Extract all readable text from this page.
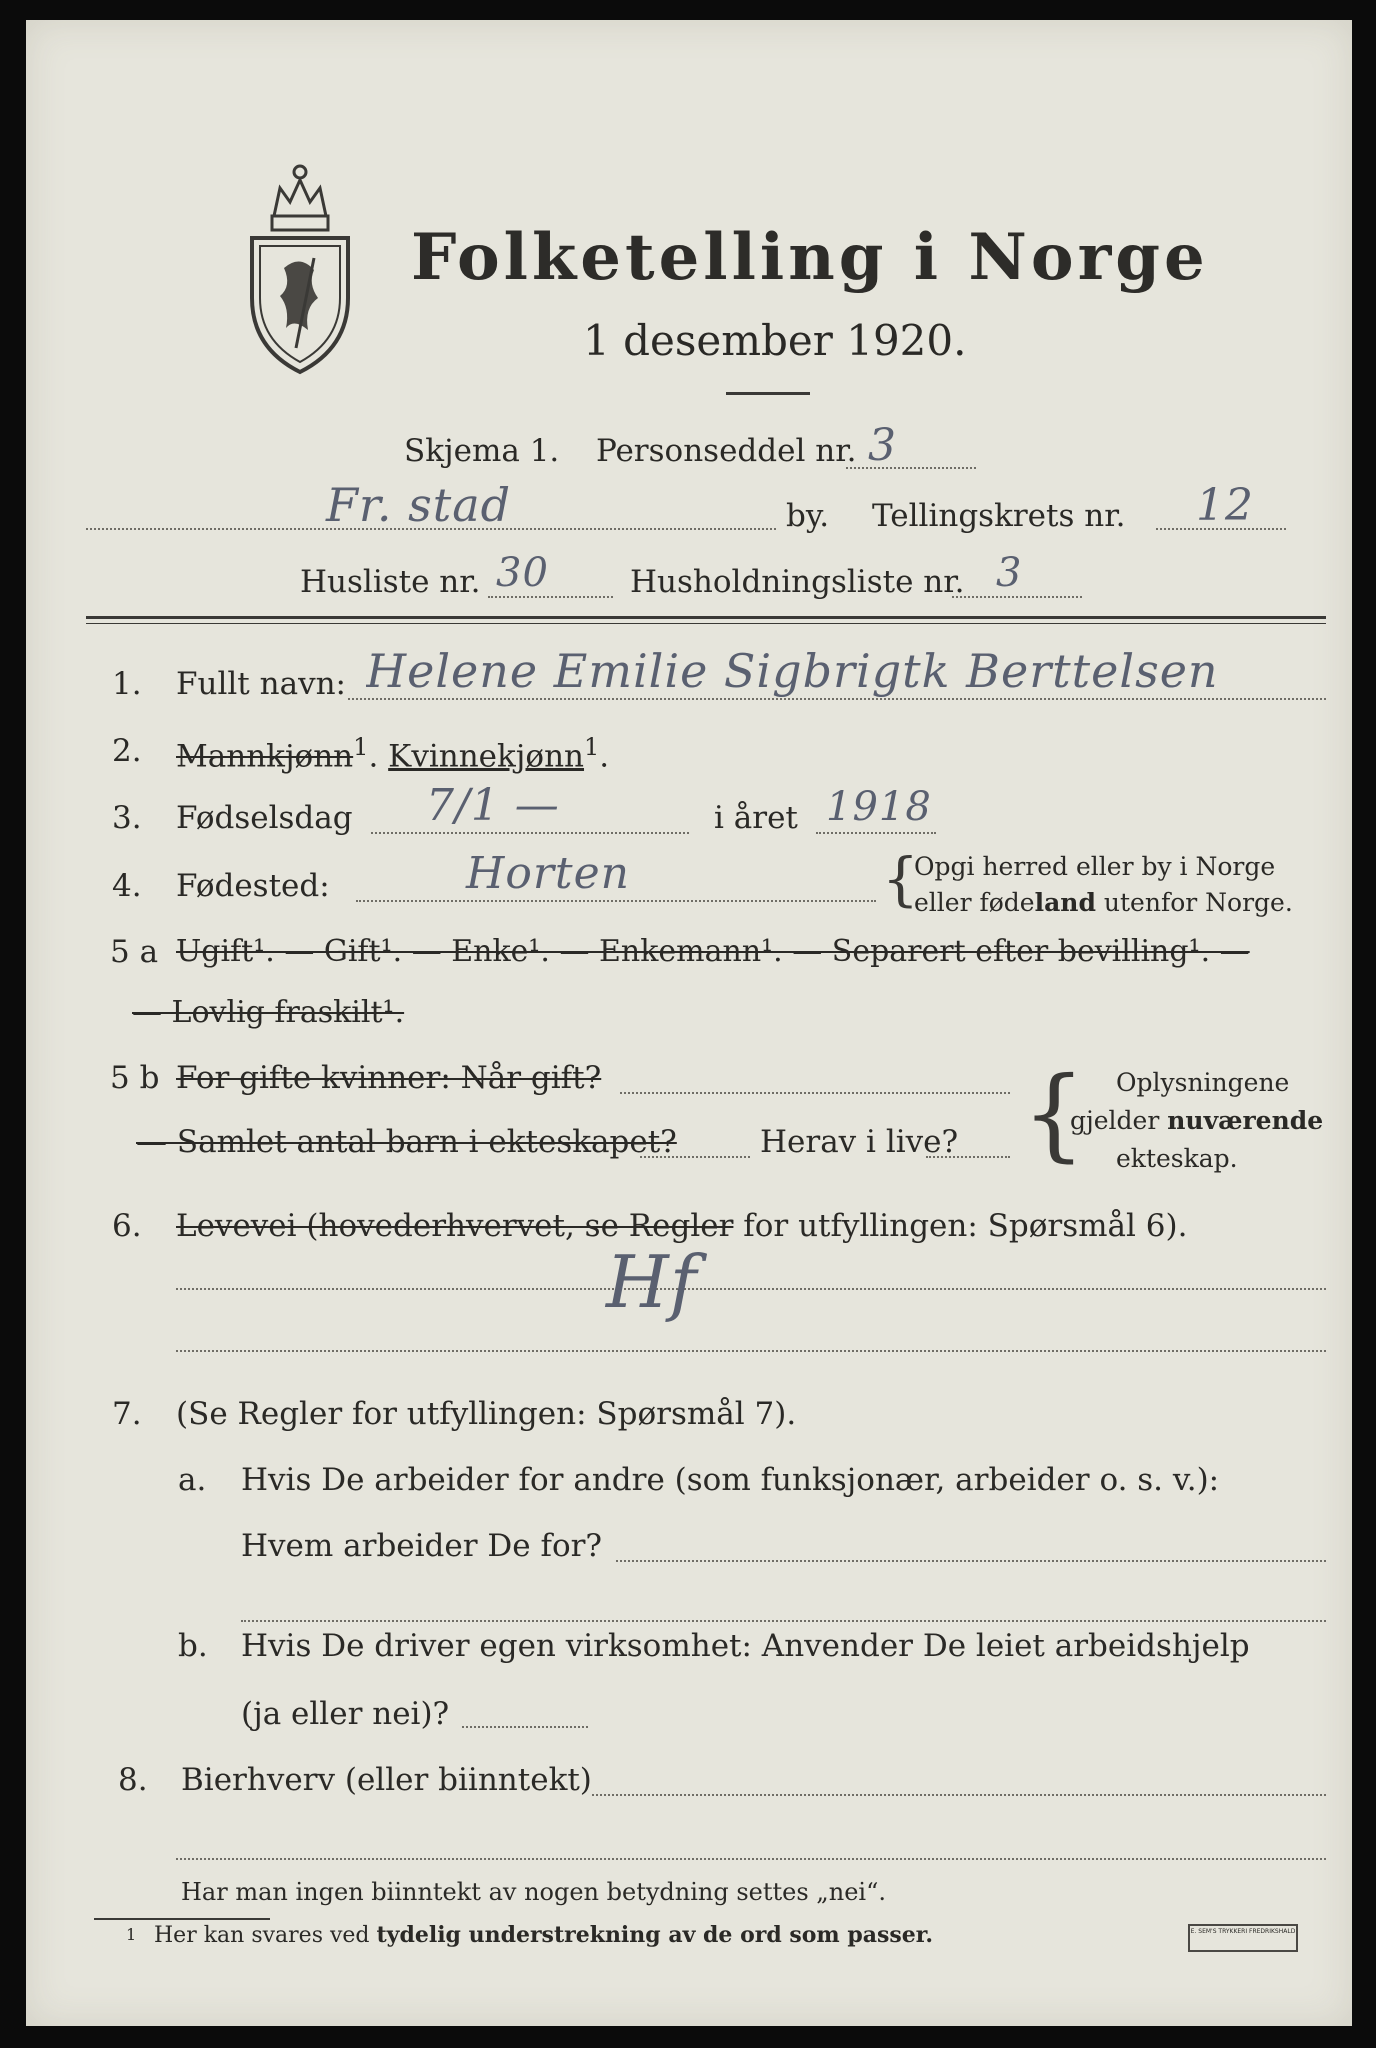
Folketelling i Norge
1 desember 1920.
Skjema 1. Personseddel nr. 3
Fr. stad	by. Tellingskrets nr. 12
Husliste nr. 30	Husholdningsliste nr. 3
1. Fullt navn: Helene Emilie Sigbrigtk Berttelsen
2. Mannkjønn$^1$. Kvinnekjønn$^1$.
3. Fødselsdag 7/1 —	i året 1918
4. Fødested:	Horten	{
Opgi herred eller by i Norge
eller fødeland utenfor Norge.
5 a Ugift¹. — Gift¹. — Enke¹. — Enkemann¹. — Separert efter bevilling¹. —
— Lovlig fraskilt¹.
5 b For gifte kvinner: Når gift?
— Samlet antal barn i ekteskapet?	Herav i live? { Oplysningene
gjelder nuværende
ekteskap.
6. Levevei (hovederhvervet, se Regler for utfyllingen: Spørsmål 6).
Hf
7. (Se Regler for utfyllingen: Spørsmål 7).
a. Hvis De arbeider for andre (som funksjonær, arbeider o. s. v.):
Hvem arbeider De for?
b. Hvis De driver egen virksomhet: Anvender De leiet arbeidshjelp
(ja eller nei)?
8. Bierhverv (eller biinntekt)
Har man ingen biinntekt av nogen betydning settes „nei“.
1 Her kan svares ved tydelig understrekning av de ord som passer.	E. SEM'S TRYKKERI FREDRIKSHALD
